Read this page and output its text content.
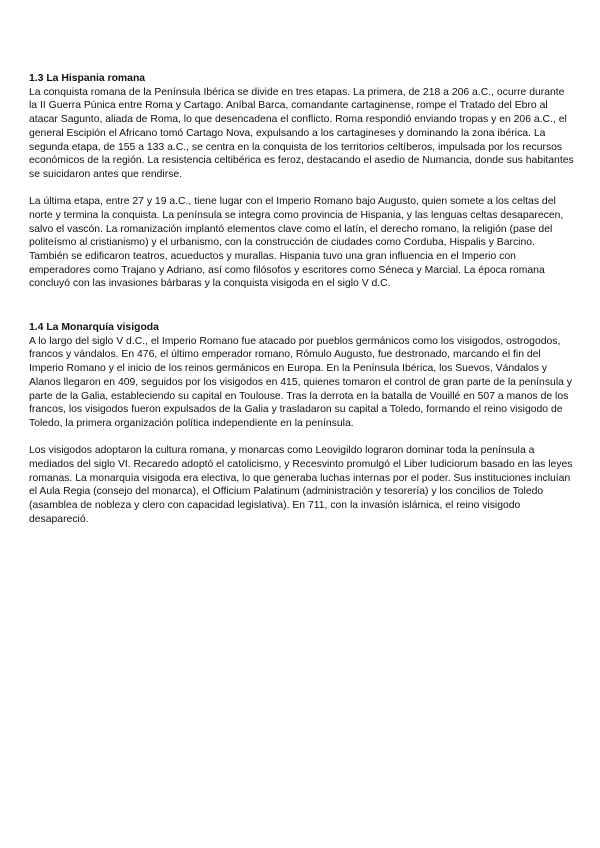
1.3 La Hispania romana

La conquista romana de la Península Ibérica se divide en tres etapas. La primera, de 218 a 206 a.C., ocurre durante la II Guerra Púnica entre Roma y Cartago. Aníbal Barca, comandante cartaginense, rompe el Tratado del Ebro al atacar Sagunto, aliada de Roma, lo que desencadena el conflicto. Roma respondió enviando tropas y en 206 a.C., el general Escipión el Africano tomó Cartago Nova, expulsando a los cartagineses y dominando la zona ibérica. La segunda etapa, de 155 a 133 a.C., se centra en la conquista de los territorios celtíberos, impulsada por los recursos económicos de la región. La resistencia celtibérica es feroz, destacando el asedio de Numancia, donde sus habitantes se suicidaron antes que rendirse.

La última etapa, entre 27 y 19 a.C., tiene lugar con el Imperio Romano bajo Augusto, quien somete a los celtas del norte y termina la conquista. La península se integra como provincia de Hispania, y las lenguas celtas desaparecen, salvo el vascón. La romanización implantó elementos clave como el latín, el derecho romano, la religión (pase del politeísmo al cristianismo) y el urbanismo, con la construcción de ciudades como Corduba, Hispalis y Barcino. También se edificaron teatros, acueductos y murallas. Hispania tuvo una gran influencia en el Imperio con emperadores como Trajano y Adriano, así como filósofos y escritores como Séneca y Marcial. La época romana concluyó con las invasiones bárbaras y la conquista visigoda en el siglo V d.C.

1.4 La Monarquía visigoda

A lo largo del siglo V d.C., el Imperio Romano fue atacado por pueblos germánicos como los visigodos, ostrogodos, francos y vándalos. En 476, el último emperador romano, Rómulo Augusto, fue destronado, marcando el fin del Imperio Romano y el inicio de los reinos germánicos en Europa. En la Península Ibérica, los Suevos, Vándalos y Alanos llegaron en 409, seguidos por los visigodos en 415, quienes tomaron el control de gran parte de la península y parte de la Galia, estableciendo su capital en Toulouse. Tras la derrota en la batalla de Vouillé en 507 a manos de los francos, los visigodos fueron expulsados de la Galia y trasladaron su capital a Toledo, formando el reino visigodo de Toledo, la primera organización política independiente en la península.

Los visigodos adoptaron la cultura romana, y monarcas como Leovigildo lograron dominar toda la península a mediados del siglo VI. Recaredo adoptó el catolicismo, y Recesvinto promulgó el Liber Iudiciorum basado en las leyes romanas. La monarquía visigoda era electiva, lo que generaba luchas internas por el poder. Sus instituciones incluían el Aula Regia (consejo del monarca), el Officium Palatinum (administración y tesorería) y los concilios de Toledo (asamblea de nobleza y clero con capacidad legislativa). En 711, con la invasión islámica, el reino visigodo desapareció.
